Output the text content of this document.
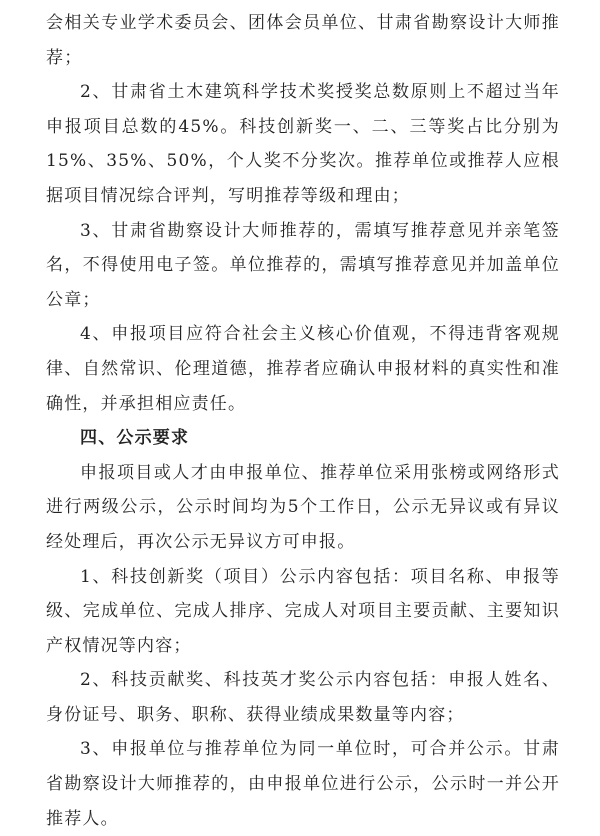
会相关专业学术委员会、团体会员单位、甘肃省勘察设计大师推荐；

2、甘肃省土木建筑科学技术奖授奖总数原则上不超过当年申报项目总数的45%。科技创新奖一、二、三等奖占比分别为15%、35%、50%，个人奖不分奖次。推荐单位或推荐人应根据项目情况综合评判，写明推荐等级和理由；

3、甘肃省勘察设计大师推荐的，需填写推荐意见并亲笔签名，不得使用电子签。单位推荐的，需填写推荐意见并加盖单位公章；

4、申报项目应符合社会主义核心价值观，不得违背客观规律、自然常识、伦理道德，推荐者应确认申报材料的真实性和准确性，并承担相应责任。

四、公示要求

申报项目或人才由申报单位、推荐单位采用张榜或网络形式进行两级公示，公示时间均为5个工作日，公示无异议或有异议经处理后，再次公示无异议方可申报。

1、科技创新奖（项目）公示内容包括：项目名称、申报等级、完成单位、完成人排序、完成人对项目主要贡献、主要知识产权情况等内容；

2、科技贡献奖、科技英才奖公示内容包括：申报人姓名、身份证号、职务、职称、获得业绩成果数量等内容；

3、申报单位与推荐单位为同一单位时，可合并公示。甘肃省勘察设计大师推荐的，由申报单位进行公示，公示时一并公开推荐人。
